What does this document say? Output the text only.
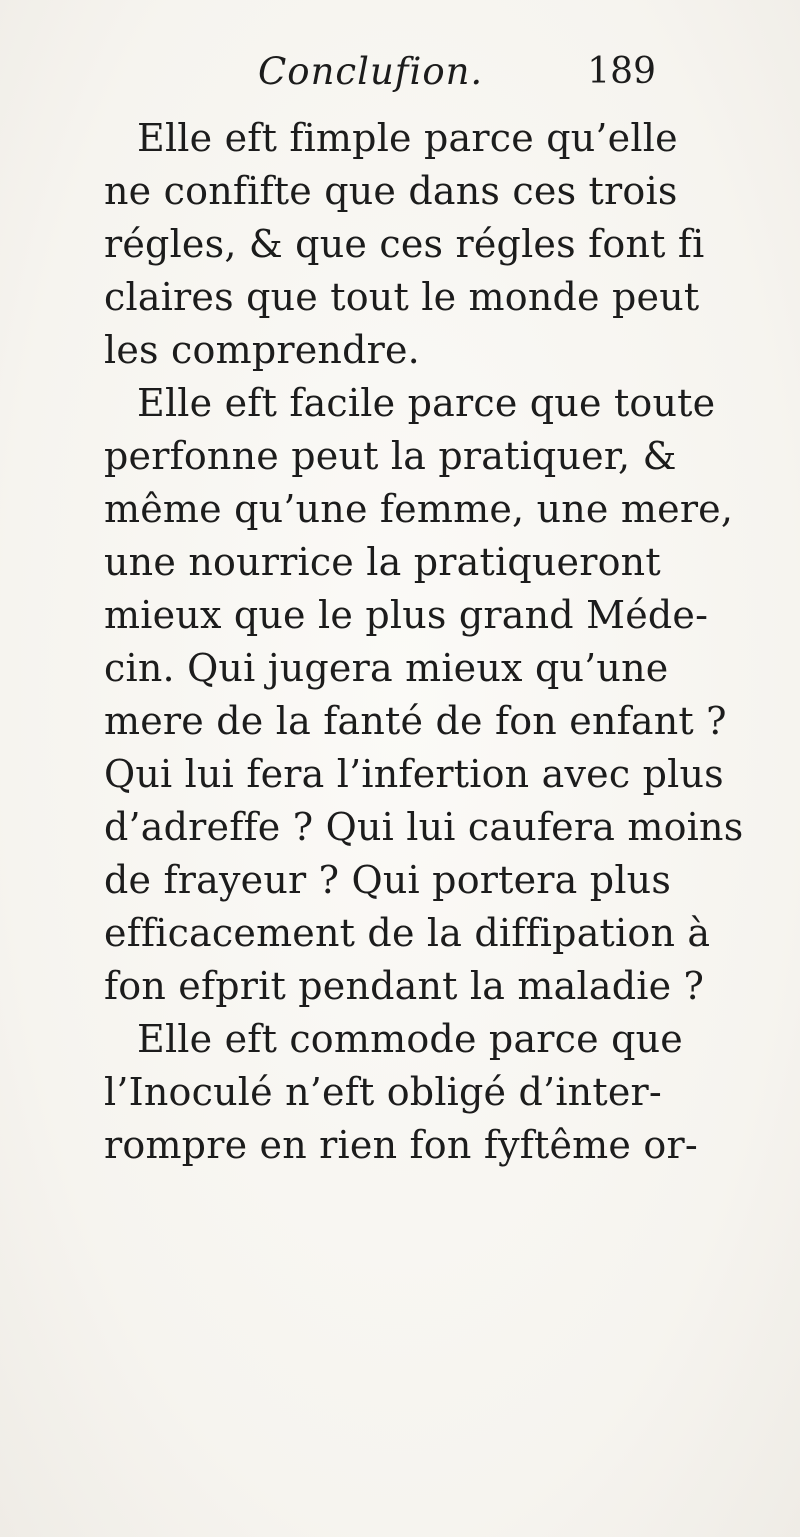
Conclufion.	189
Elle eft fimple parce qu’elle
ne confifte que dans ces trois
régles, & que ces régles font fi
claires que tout le monde peut
les comprendre.
Elle eft facile parce que toute
perfonne peut la pratiquer, &
même qu’une femme, une mere,
une nourrice la pratiqueront
mieux que le plus grand Méde-
cin. Qui jugera mieux qu’une
mere de la fanté de fon enfant ?
Qui lui fera l’infertion avec plus
d’adreffe ? Qui lui caufera moins
de frayeur ? Qui portera plus
efficacement de la diffipation à
fon efprit pendant la maladie ?
Elle eft commode parce que
l’Inoculé n’eft obligé d’inter-
rompre en rien fon fyftême or-
